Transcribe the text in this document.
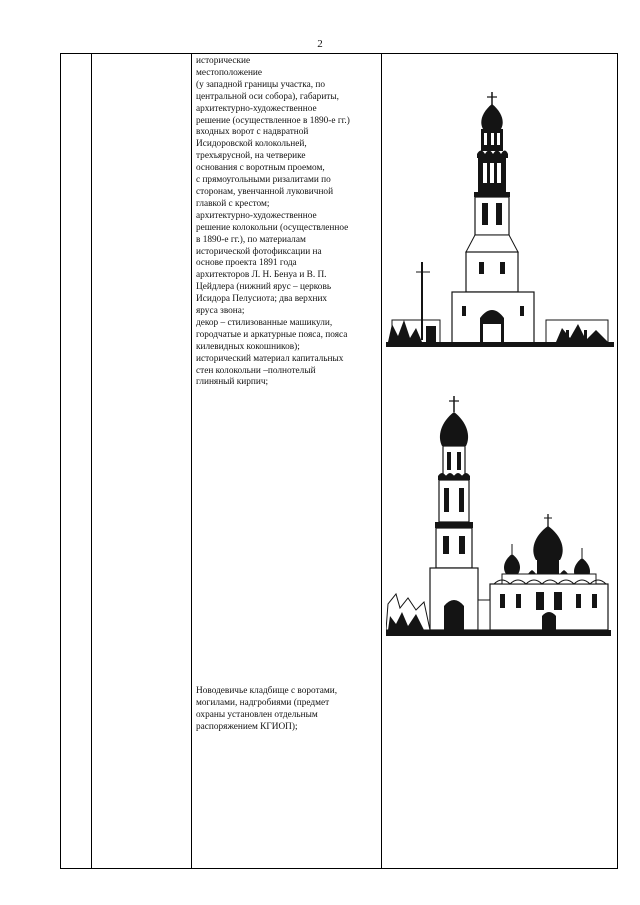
2
исторические
местоположение
(у западной границы участка, по
центральной оси собора), габариты,
архитектурно-художественное
решение (осуществленное в 1890-е гг.)
входных ворот с надвратной
Исидоровской колокольней,
трехъярусной, на четверике
основания с воротным проемом,
с прямоугольными ризалитами по
сторонам, увенчанной луковичной
главкой с крестом;
архитектурно-художественное
решение колокольни (осуществленное
в 1890-е гг.), по материалам
исторической фотофиксации на
основе проекта 1891 года
архитекторов Л. Н. Бенуа и В. П.
Цейдлера (нижний ярус – церковь
Исидора Пелусиота; два верхних
яруса звона;
декор – стилизованные машикули,
городчатые и аркатурные пояса, пояса
килевидных кокошников);
исторический материал капитальных
стен колокольни –полнотелый
глиняный кирпич;
Новодевичье кладбище с воротами,
могилами, надгробиями (предмет
охраны установлен отдельным
распоряжением КГИОП);
